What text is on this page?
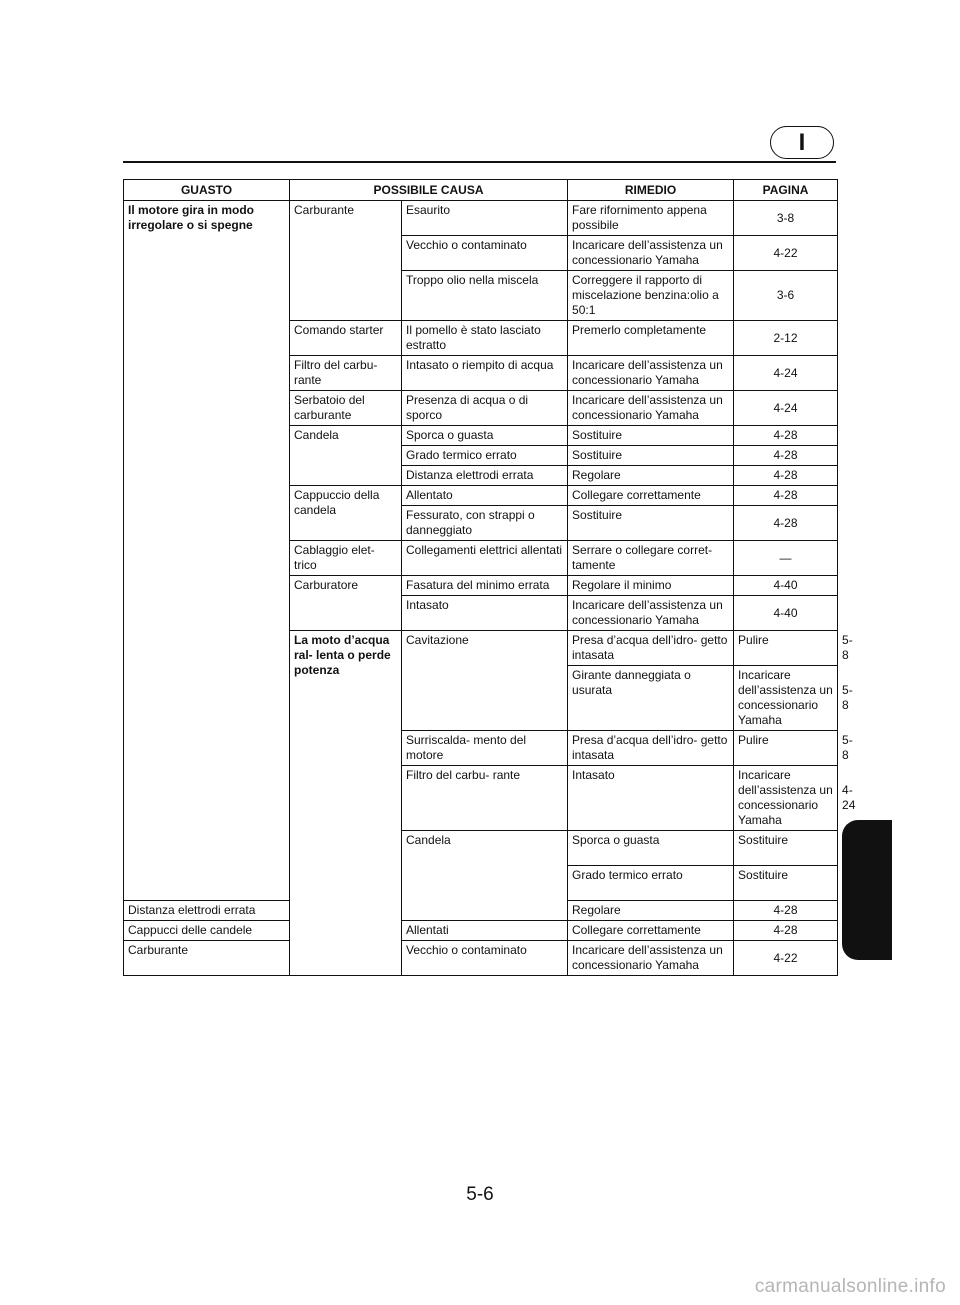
I
GUASTO	POSSIBILE CAUSA		RIMEDIO	PAGINA	
Il motore gira in modo irregolare o si spegne	Carburante	Esaurito	Fare rifornimento appena possibile	3-8	
		Vecchio o contaminato	Incaricare dell’assistenza un concessionario Yamaha	4-22	
		Troppo olio nella miscela	Correggere il rapporto di miscelazione benzina:olio a 50:1	3-6	
	Comando starter	Il pomello è stato lasciato estratto	Premerlo completamente	2-12	
	Filtro del carbu- rante	Intasato o riempito di acqua	Incaricare dell’assistenza un concessionario Yamaha	4-24	
	Serbatoio del carburante	Presenza di acqua o di sporco	Incaricare dell’assistenza un concessionario Yamaha	4-24	
	Candela	Sporca o guasta	Sostituire	4-28	
		Grado termico errato	Sostituire	4-28	
		Distanza elettrodi errata	Regolare	4-28	
	Cappuccio della candela	Allentato	Collegare correttamente	4-28	
		Fessurato, con strappi o danneggiato	Sostituire	4-28	
	Cablaggio elet- trico	Collegamenti elettrici allentati	Serrare o collegare corret- tamente	—	
	Carburatore	Fasatura del minimo errata	Regolare il minimo	4-40	
		Intasato	Incaricare dell’assistenza un concessionario Yamaha	4-40	
	La moto d’acqua ral- lenta o perde potenza	Cavitazione	Presa d’acqua dell’idro- getto intasata	Pulire	5-8
			Girante danneggiata o usurata	Incaricare dell’assistenza un concessionario Yamaha	5-8
		Surriscalda- mento del motore	Presa d’acqua dell’idro- getto intasata	Pulire	5-8
		Filtro del carbu- rante	Intasato	Incaricare dell’assistenza un concessionario Yamaha	4-24
		Candela	Sporca o guasta	Sostituire	
			Grado termico errato	Sostituire	
Distanza elettrodi errata			Regolare	4-28	
Cappucci delle candele		Allentati	Collegare correttamente	4-28	
Carburante		Vecchio o contaminato	Incaricare dell’assistenza un concessionario Yamaha	4-22	
5-6
carmanualsonline.info
